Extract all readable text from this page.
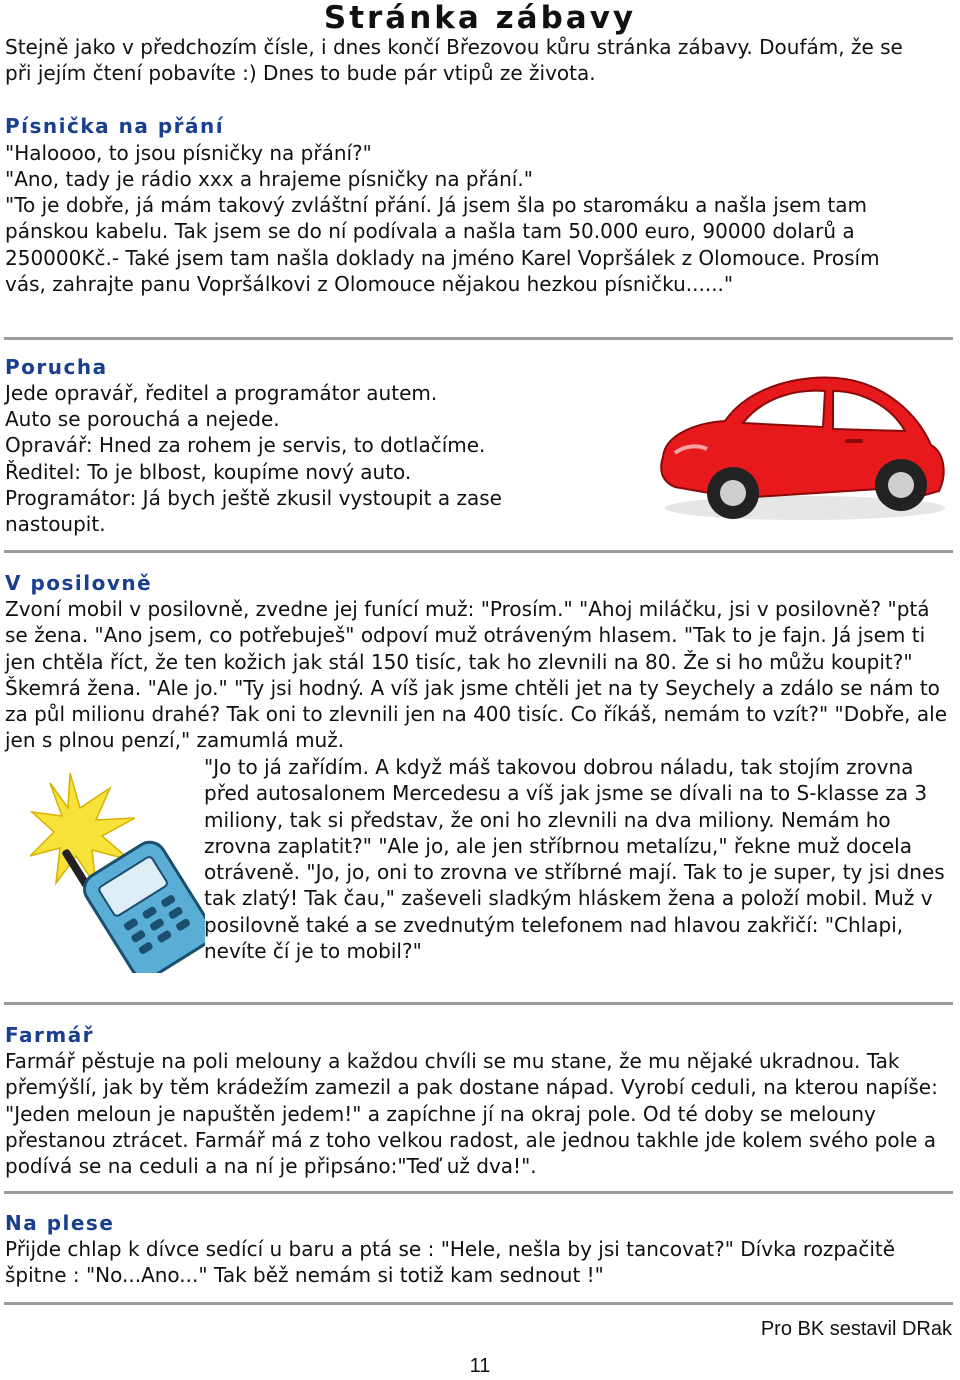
Stránka zábavy

Stejně jako v předchozím čísle, i dnes končí Březovou kůru stránka zábavy. Doufám, že se při jejím čtení pobavíte :) Dnes to bude pár vtipů ze života.

Písnička na přání

"Haloooo, to jsou písničky na přání?"

"Ano, tady je rádio xxx a hrajeme písničky na přání."

"To je dobře, já mám takový zvláštní přání. Já jsem šla po staromáku a našla jsem tam pánskou kabelu. Tak jsem se do ní podívala a našla tam 50.000 euro, 90000 dolarů a 250000Kč.- Také jsem tam našla doklady na jméno Karel Vopršálek z Olomouce. Prosím vás, zahrajte panu Vopršálkovi z Olomouce nějakou hezkou písničku......"

Porucha

Jede opravář, ředitel a programátor autem.

Auto se porouchá a nejede.

Opravář: Hned za rohem je servis, to dotlačíme.

Ředitel: To je blbost, koupíme nový auto.

Programátor: Já bych ještě zkusil vystoupit a zase nastoupit.

V posilovně

Zvoní mobil v posilovně, zvedne jej funící muž: "Prosím." "Ahoj miláčku, jsi v posilovně? "ptá se žena. "Ano jsem, co potřebuješ" odpoví muž otráveným hlasem. "Tak to je fajn. Já jsem ti jen chtěla říct, že ten kožich jak stál 150 tisíc, tak ho zlevnili na 80. Že si ho můžu koupit?" Škemrá žena. "Ale jo." "Ty jsi hodný. A víš jak jsme chtěli jet na ty Seychely a zdálo se nám to za půl milionu drahé? Tak oni to zlevnili jen na 400 tisíc. Co říkáš, nemám to vzít?" "Dobře, ale jen s plnou penzí," zamumlá muž.

"Jo to já zařídím. A když máš takovou dobrou náladu, tak stojím zrovna před autosalonem Mercedesu a víš jak jsme se dívali na to S-klasse za 3 miliony, tak si představ, že oni ho zlevnili na dva miliony. Nemám ho zrovna zaplatit?" "Ale jo, ale jen stříbrnou metalízu," řekne muž docela otráveně. "Jo, jo, oni to zrovna ve stříbrné mají. Tak to je super, ty jsi dnes tak zlatý! Tak čau," zaševeli sladkým hláskem žena a položí mobil. Muž v posilovně také a se zvednutým telefonem nad hlavou zakřičí: "Chlapi, nevíte čí je to mobil?"

Farmář

Farmář pěstuje na poli melouny a každou chvíli se mu stane, že mu nějaké ukradnou. Tak přemýšlí, jak by těm krádežím zamezil a pak dostane nápad. Vyrobí ceduli, na kterou napíše: "Jeden meloun je napuštěn jedem!" a zapíchne jí na okraj pole. Od té doby se melouny přestanou ztrácet. Farmář má z toho velkou radost, ale jednou takhle jde kolem svého pole a podívá se na ceduli a na ní je připsáno:"Teď už dva!".

Na plese

Přijde chlap k dívce sedící u baru a ptá se : "Hele, nešla by jsi tancovat?" Dívka rozpačitě špitne : "No...Ano..." Tak běž nemám si totiž kam sednout !"

Pro BK sestavil DRak
11
